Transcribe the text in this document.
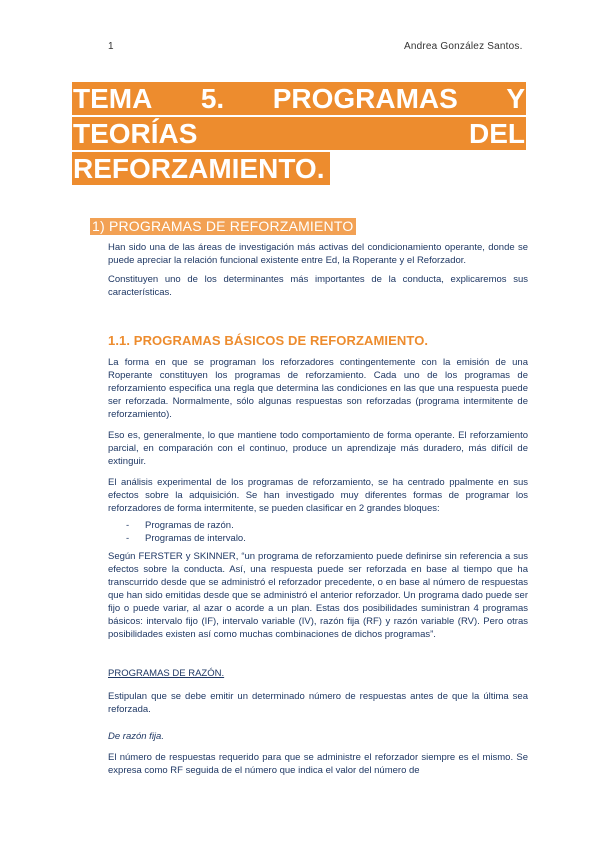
1	Andrea González Santos.
TEMA 5. PROGRAMAS Y
TEORÍAS	DEL
REFORZAMIENTO.
1) PROGRAMAS DE REFORZAMIENTO

Han sido una de las áreas de investigación más activas del condicionamiento operante, donde se puede apreciar la relación funcional existente entre Ed, la Roperante y el Reforzador.

Constituyen uno de los determinantes más importantes de la conducta, explicaremos sus características.

1.1. PROGRAMAS BÁSICOS DE REFORZAMIENTO.

La forma en que se programan los reforzadores contingentemente con la emisión de una Roperante constituyen los programas de reforzamiento. Cada uno de los programas de reforzamiento especifica una regla que determina las condiciones en las que una respuesta puede ser reforzada. Normalmente, sólo algunas respuestas son reforzadas (programa intermitente de reforzamiento).

Eso es, generalmente, lo que mantiene todo comportamiento de forma operante. El reforzamiento parcial, en comparación con el continuo, produce un aprendizaje más duradero, más difícil de extinguir.

El análisis experimental de los programas de reforzamiento, se ha centrado ppalmente en sus efectos sobre la adquisición. Se han investigado muy diferentes formas de programar los reforzadores de forma intermitente, se pueden clasificar en 2 grandes bloques:

- Programas de razón.
- Programas de intervalo.

Según FERSTER y SKINNER, “un programa de reforzamiento puede definirse sin referencia a sus efectos sobre la conducta. Así, una respuesta puede ser reforzada en base al tiempo que ha transcurrido desde que se administró el reforzador precedente, o en base al número de respuestas que han sido emitidas desde que se administró el anterior reforzador. Un programa dado puede ser fijo o puede variar, al azar o acorde a un plan. Estas dos posibilidades suministran 4 programas básicos: intervalo fijo (IF), intervalo variable (IV), razón fija (RF) y razón variable (RV). Pero otras posibilidades existen así como muchas combinaciones de dichos programas”.

PROGRAMAS DE RAZÓN.

Estipulan que se debe emitir un determinado número de respuestas antes de que la última sea reforzada.

De razón fija.

El número de respuestas requerido para que se administre el reforzador siempre es el mismo. Se expresa como RF seguida de el número que indica el valor del número de
